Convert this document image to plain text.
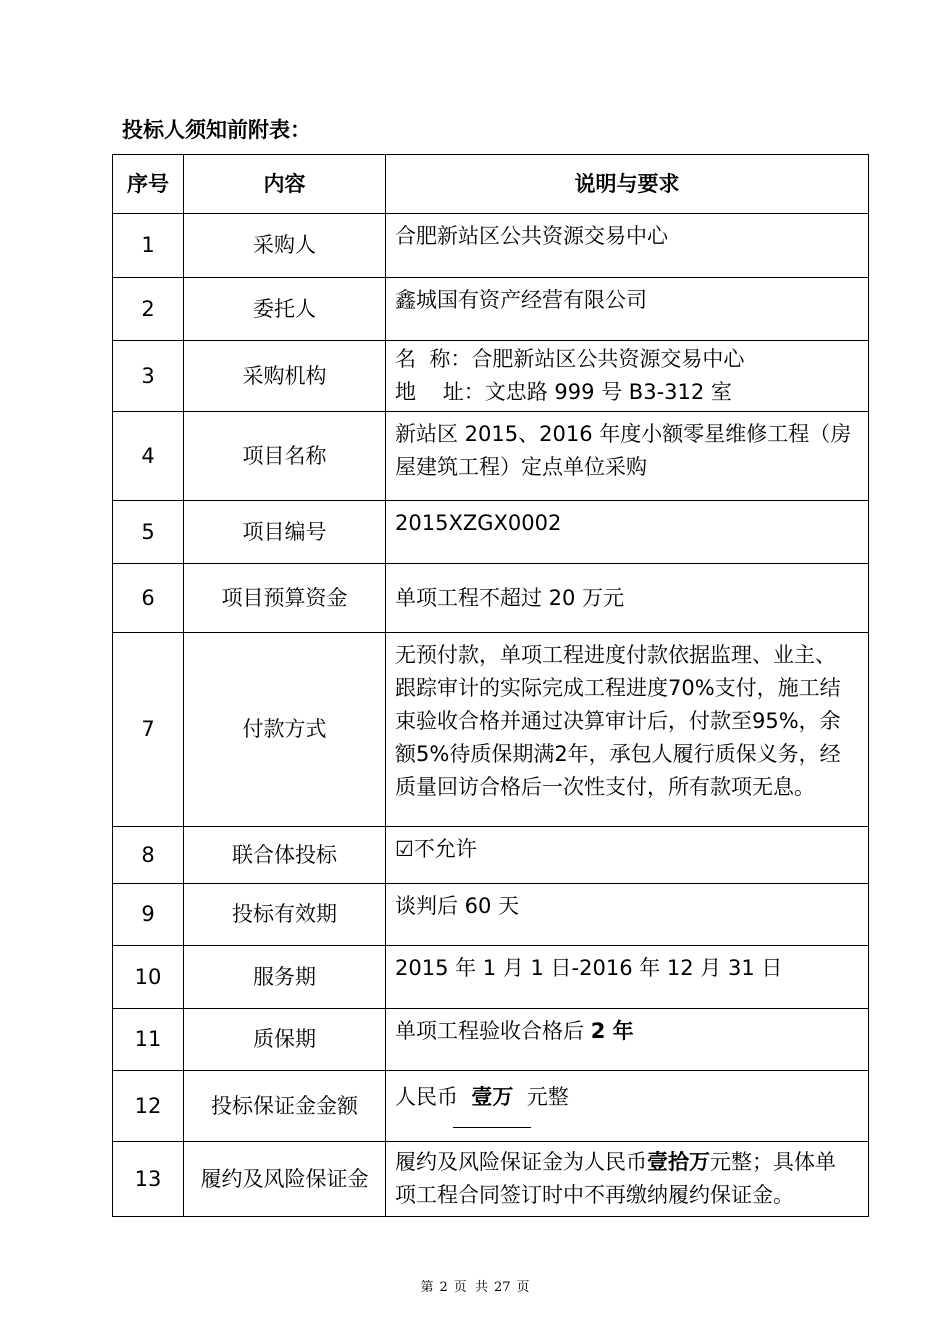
投标人须知前附表：
序号	内容	说明与要求
1	采购人	合肥新站区公共资源交易中心

2	委托人	鑫城国有资产经营有限公司

3	采购机构	名  称：合肥新站区公共资源交易中心
地    址：文忠路 999 号 B3-312 室

4	项目名称	新站区 2015、2016 年度小额零星维修工程（房
屋建筑工程）定点单位采购

5	项目编号	2015XZGX0002

6	项目预算资金	单项工程不超过 20 万元

7	付款方式	无预付款，单项工程进度付款依据监理、业主、
跟踪审计的实际完成工程进度70%支付，施工结
束验收合格并通过决算审计后，付款至95%，余
额5%待质保期满2年，承包人履行质保义务，经
质量回访合格后一次性支付，所有款项无息。

8	联合体投标	☑不允许

9	投标有效期	谈判后 60 天

10	服务期	2015 年 1 月 1 日-2016 年 12 月 31 日

11	质保期	单项工程验收合格后 2 年

12	投标保证金金额	人民币  壹万  元整

13	履约及风险保证金	履约及风险保证金为人民币壹拾万元整；具体单
项工程合同签订时中不再缴纳履约保证金。
第 2 页  共 27 页
